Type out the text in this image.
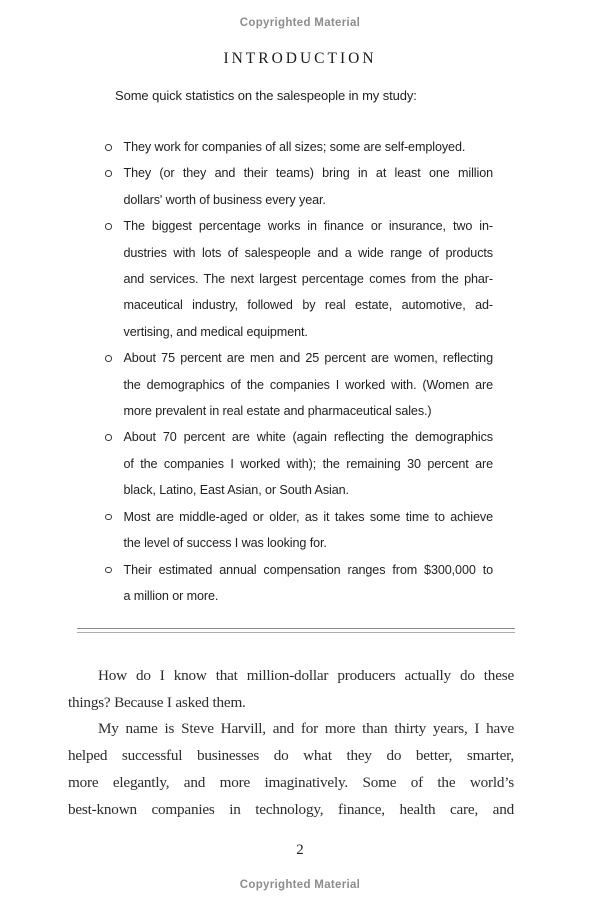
Copyrighted Material
INTRODUCTION
Some quick statistics on the salespeople in my study:
They work for companies of all sizes; some are self-employed.
They (or they and their teams) bring in at least one million
dollars' worth of business every year.
The biggest percentage works in finance or insurance, two in-
dustries with lots of salespeople and a wide range of products
and services. The next largest percentage comes from the phar-
maceutical industry, followed by real estate, automotive, ad-
vertising, and medical equipment.
About 75 percent are men and 25 percent are women, reflecting
the demographics of the companies I worked with. (Women are
more prevalent in real estate and pharmaceutical sales.)
About 70 percent are white (again reflecting the demographics
of the companies I worked with); the remaining 30 percent are
black, Latino, East Asian, or South Asian.
Most are middle-aged or older, as it takes some time to achieve
the level of success I was looking for.
Their estimated annual compensation ranges from $300,000 to
a million or more.
How do I know that million-dollar producers actually do these
things? Because I asked them.
My name is Steve Harvill, and for more than thirty years, I have
helped successful businesses do what they do better, smarter,
more elegantly, and more imaginatively. Some of the world’s
best-known companies in technology, finance, health care, and
2
Copyrighted Material
